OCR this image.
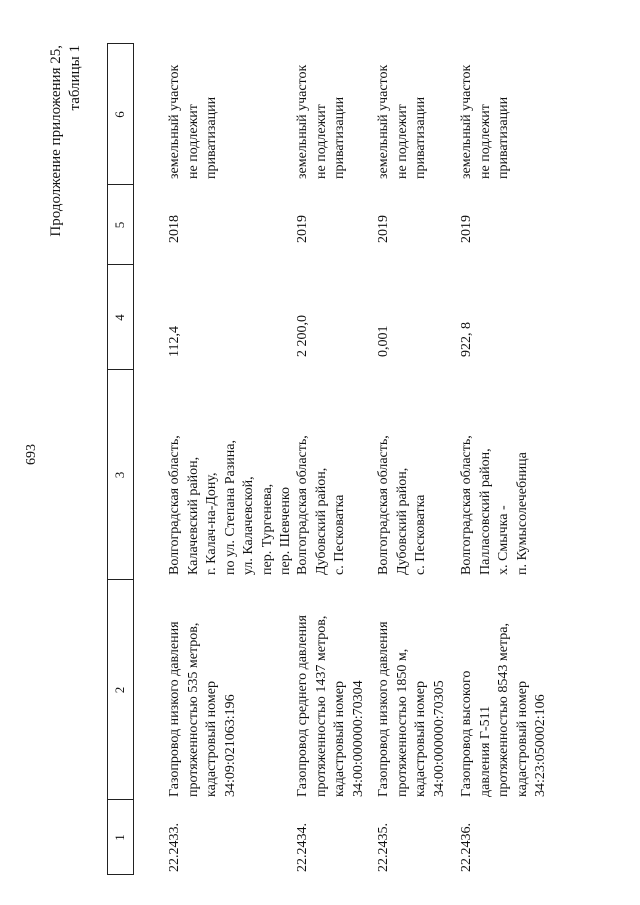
693
Продолжение приложения 25, таблицы 1
1
2
3
4
5
6
22.2433.
Газопровод низкого давления
протяженностью 535 метров,
кадастровый номер
34:09:021063:196
Волгоградская область,
Калачевский район,
г. Калач-на-Дону,
по ул. Степана Разина,
ул. Калачевской,
пер. Тургенева,
пер. Шевченко
112,4
2018
земельный участок
не подлежит
приватизации
22.2434.
Газопровод среднего давления
протяженностью 1437 метров,
кадастровый номер
34:00:000000:70304
Волгоградская область,
Дубовский район,
с. Песковатка
2 200,0
2019
земельный участок
не подлежит
приватизации
22.2435.
Газопровод низкого давления
протяженностью 1850 м,
кадастровый номер
34:00:000000:70305
Волгоградская область,
Дубовский район,
с. Песковатка
0,001
2019
земельный участок
не подлежит
приватизации
22.2436.
Газопровод высокого
давления Г-511
протяженностью 8543 метра,
кадастровый номер
34:23:050002:106
Волгоградская область,
Палласовский район,
х. Смычка -
п. Кумысолечебница
922, 8
2019
земельный участок
не подлежит
приватизации
